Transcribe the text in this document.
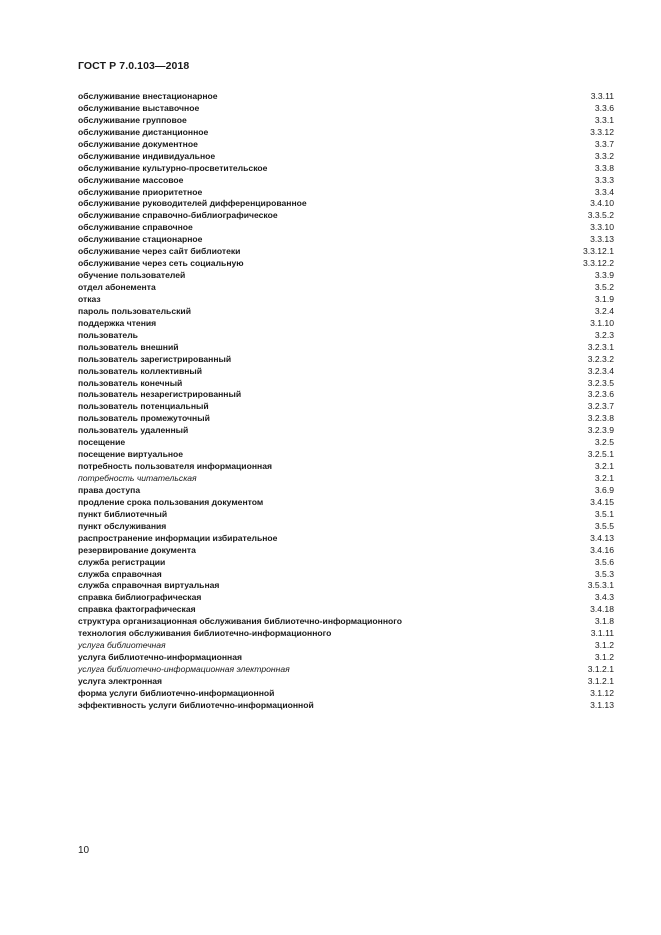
ГОСТ Р 7.0.103—2018
обслуживание внестационарное	3.3.11
обслуживание выставочное	3.3.6
обслуживание групповое	3.3.1
обслуживание дистанционное	3.3.12
обслуживание документное	3.3.7
обслуживание индивидуальное	3.3.2
обслуживание культурно-просветительское	3.3.8
обслуживание массовое	3.3.3
обслуживание приоритетное	3.3.4
обслуживание руководителей дифференцированное	3.4.10
обслуживание справочно-библиографическое	3.3.5.2
обслуживание справочное	3.3.10
обслуживание стационарное	3.3.13
обслуживание через сайт библиотеки	3.3.12.1
обслуживание через сеть социальную	3.3.12.2
обучение пользователей	3.3.9
отдел абонемента	3.5.2
отказ	3.1.9
пароль пользовательский	3.2.4
поддержка чтения	3.1.10
пользователь	3.2.3
пользователь внешний	3.2.3.1
пользователь зарегистрированный	3.2.3.2
пользователь коллективный	3.2.3.4
пользователь конечный	3.2.3.5
пользователь незарегистрированный	3.2.3.6
пользователь потенциальный	3.2.3.7
пользователь промежуточный	3.2.3.8
пользователь удаленный	3.2.3.9
посещение	3.2.5
посещение виртуальное	3.2.5.1
потребность пользователя информационная	3.2.1
потребность читательская	3.2.1
права доступа	3.6.9
продление срока пользования документом	3.4.15
пункт библиотечный	3.5.1
пункт обслуживания	3.5.5
распространение информации избирательное	3.4.13
резервирование документа	3.4.16
служба регистрации	3.5.6
служба справочная	3.5.3
служба справочная виртуальная	3.5.3.1
справка библиографическая	3.4.3
справка фактографическая	3.4.18
структура организационная обслуживания библиотечно-информационного	3.1.8
технология обслуживания библиотечно-информационного	3.1.11
услуга библиотечная	3.1.2
услуга библиотечно-информационная	3.1.2
услуга библиотечно-информационная электронная	3.1.2.1
услуга электронная	3.1.2.1
форма услуги библиотечно-информационной	3.1.12
эффективность услуги библиотечно-информационной	3.1.13
10
